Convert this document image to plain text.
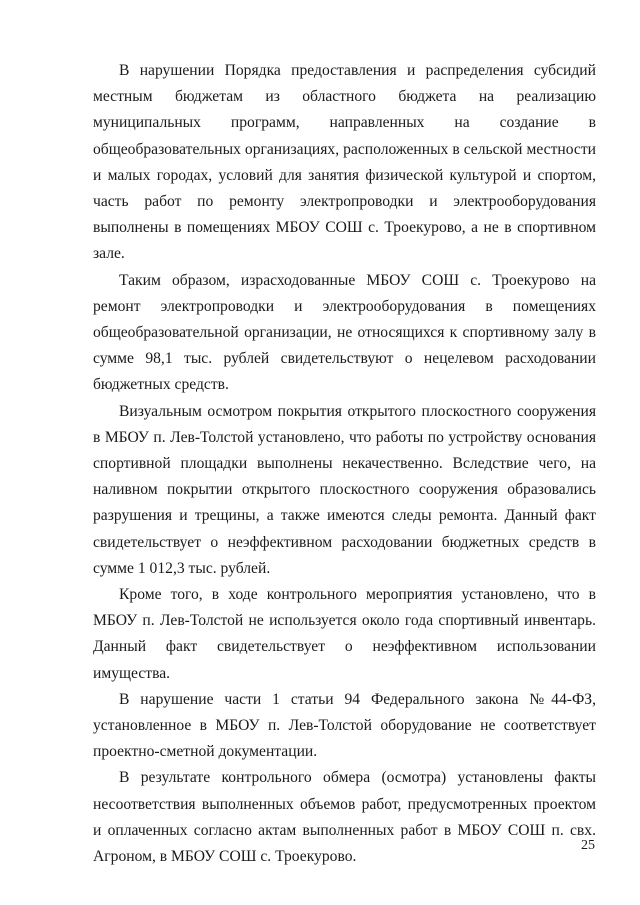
В нарушении Порядка предоставления и распределения субсидий местным бюджетам из областного бюджета на реализацию муниципальных программ, направленных на создание в общеобразовательных организациях, расположенных в сельской местности и малых городах, условий для занятия физической культурой и спортом, часть работ по ремонту электропроводки и электрооборудования выполнены в помещениях МБОУ СОШ с. Троекурово, а не в спортивном зале.

Таким образом, израсходованные МБОУ СОШ с. Троекурово на ремонт электропроводки и электрооборудования в помещениях общеобразовательной организации, не относящихся к спортивному залу в сумме 98,1 тыс. рублей свидетельствуют о нецелевом расходовании бюджетных средств.

Визуальным осмотром покрытия открытого плоскостного сооружения в МБОУ п. Лев-Толстой установлено, что работы по устройству основания спортивной площадки выполнены некачественно. Вследствие чего, на наливном покрытии открытого плоскостного сооружения образовались разрушения и трещины, а также имеются следы ремонта. Данный факт свидетельствует о неэффективном расходовании бюджетных средств в сумме 1 012,3 тыс. рублей.

Кроме того, в ходе контрольного мероприятия установлено, что в МБОУ п. Лев-Толстой не используется около года спортивный инвентарь. Данный факт свидетельствует о неэффективном использовании имущества.

В нарушение части 1 статьи 94 Федерального закона №44-ФЗ, установленное в МБОУ п. Лев-Толстой оборудование не соответствует проектно-сметной документации.

В результате контрольного обмера (осмотра) установлены факты несоответствия выполненных объемов работ, предусмотренных проектом и оплаченных согласно актам выполненных работ в МБОУ СОШ п. свх. Агроном, в МБОУ СОШ с. Троекурово.

25
